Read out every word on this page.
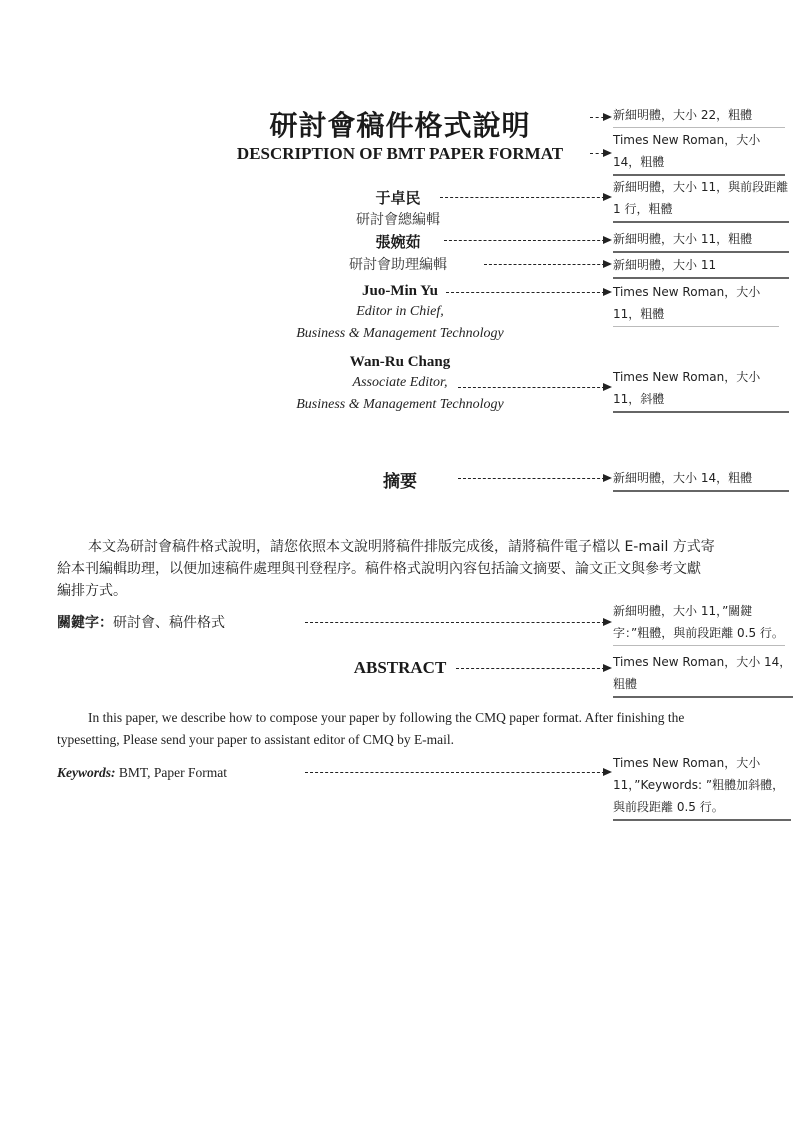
研討會稿件格式說明
DESCRIPTION OF BMT PAPER FORMAT
于卓民
研討會總編輯
張婉茹
研討會助理編輯
Juo-Min Yu
Editor in Chief,
Business & Management Technology
Wan-Ru Chang
Associate Editor,
Business & Management Technology
摘要
本文為研討會稿件格式說明，請您依照本文說明將稿件排版完成後，請將稿件電子檔以 E-mail 方式寄
給本刊編輯助理，以便加速稿件處理與刊登程序。稿件格式說明內容包括論文摘要、論文正文與參考文獻
編排方式。
關鍵字：研討會、稿件格式
ABSTRACT
In this paper, we describe how to compose your paper by following the CMQ paper format. After finishing the
typesetting, Please send your paper to assistant editor of CMQ by E-mail.
Keywords: BMT, Paper Format
新細明體，大小 22，粗體
Times New Roman，大小 14，粗體
新細明體，大小 11，與前段距離 1 行，粗體
新細明體，大小 11，粗體
新細明體，大小 11
Times New Roman，大小 11，粗體
Times New Roman，大小 11，斜體
新細明體，大小 14，粗體
新細明體，大小 11，”關鍵字：”粗體，與前段距離 0.5 行。
Times New Roman，大小 14，粗體
Times New Roman，大小 11，”Keywords: ”粗體加斜體，與前段距離 0.5 行。
